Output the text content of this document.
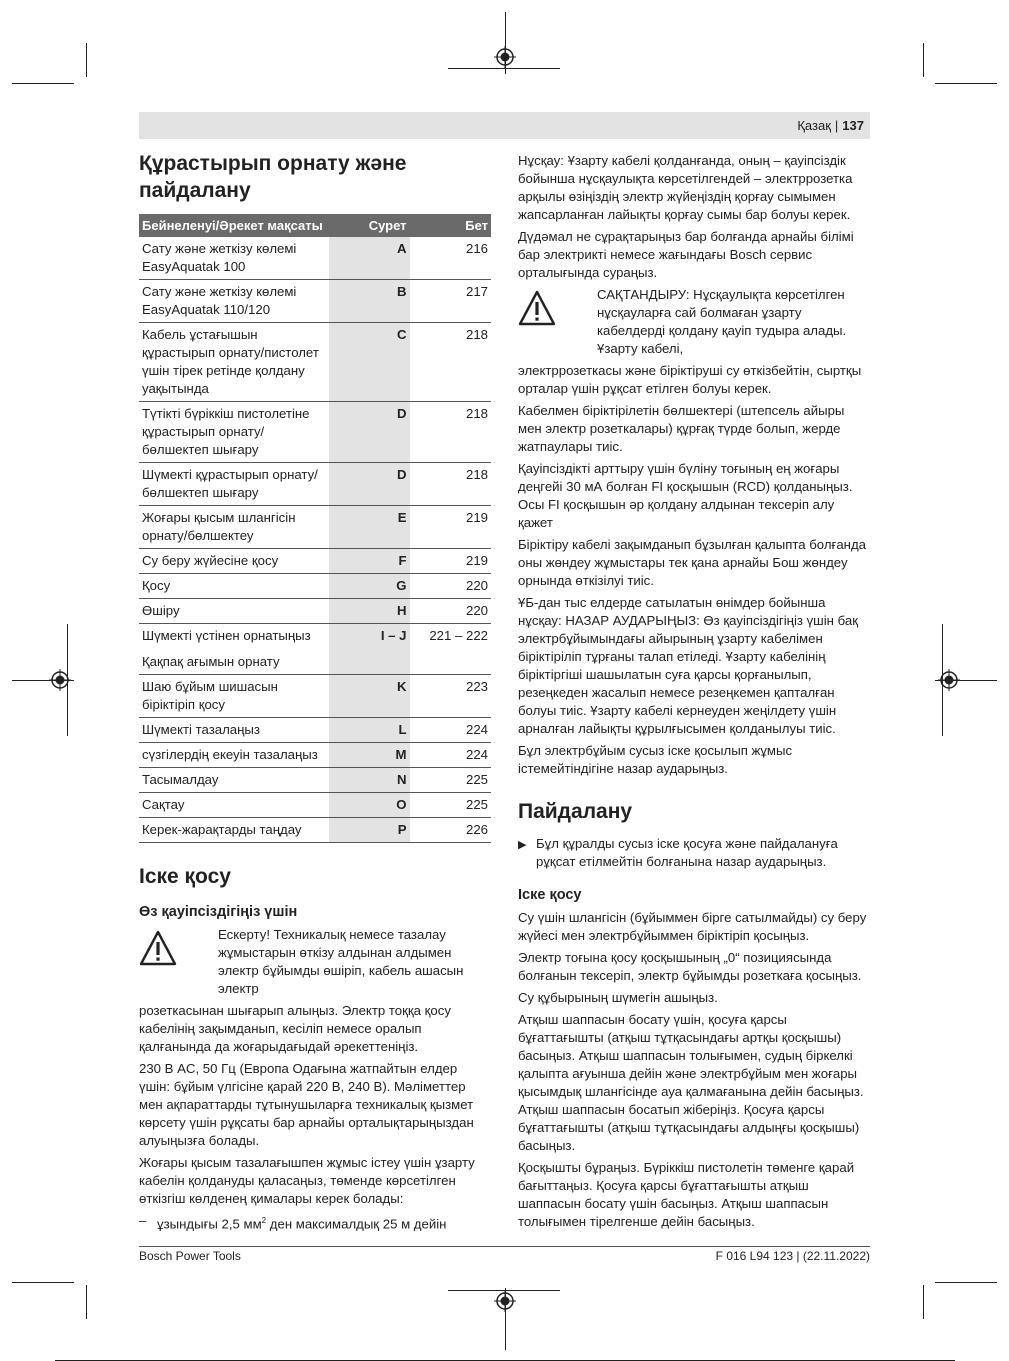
Қазақ | 137
Құрастырып орнату және пайдалану
Бейнеленуі/Әрекет мақсаты	Сурет	Бет
Сату және жеткізу көлемі EasyAquatak 100	A	216
Сату және жеткізу көлемі EasyAquatak 110/120	B	217
Кабель ұстағышын құрастырып орнату/пистолет үшін тірек ретінде қолдану уақытында	C	218
Түтікті бүріккіш пистолетіне құрастырып орнату/бөлшектеп шығару	D	218
Шүмекті құрастырып орнату/бөлшектеп шығару	D	218
Жоғары қысым шлангісін орнату/бөлшектеу	E	219
Су беру жүйесіне қосу	F	219
Қосу	G	220
Өшіру	H	220

Шүмекті үстінен орнатыңыз
Қақпақ ағымын орнату	I – J	221 – 222
Шаю бұйым шишасын біріктіріп қосу	K	223
Шүмекті тазалаңыз	L	224
сүзгілердің екеуін тазалаңыз	M	224
Тасымалдау	N	225
Сақтау	O	225
Керек-жарақтарды таңдау	P	226
Іске қосу
Өз қауіпсіздігіңіз үшін

Ескерту! Техникалық немесе тазалау жұмыстарын өткізу алдынан алдымен электр бұйымды өшіріп, кабель ашасын электр

розеткасынан шығарып алыңыз. Электр тоққа қосу кабелінің зақымданып, кесіліп немесе оралып қалғанында да жоғарыдағыдай әрекеттеніңіз.

230 В AC, 50 Гц (Европа Одағына жатпайтын елдер үшін: бұйым үлгісіне қарай 220 В, 240 В). Мәліметтер мен ақпараттарды тұтынушыларға техникалық қызмет көрсету үшін рұқсаты бар арнайы орталықтарыңыздан алуыңызға болады.

Жоғары қысым тазалағышпен жұмыс істеу үшін ұзарту кабелін қолдануды қаласаңыз, төменде көрсетілген өткізгіш көлденең қималары керек болады:

– ұзындығы 2,5 $мм^2$ ден максималдық 25 м дейін

Нұсқау: Ұзарту кабелі қолданғанда, оның – қауіпсіздік бойынша нұсқаулықта көрсетілгендей – электррозетка арқылы өзіңіздің электр жүйеңіздің қорғау сымымен жапсарланған лайықты қорғау сымы бар болуы керек.

Дүдәмал не сұрақтарыңыз бар болғанда арнайы білімі бар электрикті немесе жағындағы Bosch сервис орталығында сураңыз.

САҚТАНДЫРУ: Нұсқаулықта көрсетілген нұсқауларға сай болмаған ұзарту кабелдерді қолдану қауіп тудыра алады. Ұзарту кабелі,

электррозеткасы және біріктіруші су өткізбейтін, сыртқы орталар үшін рұқсат етілген болуы керек.

Кабелмен біріктірілетін бөлшектері (штепсель айыры мен электр розеткалары) құрғақ түрде болып, жерде жатпаулары тиіс.

Қауіпсіздікті арттыру үшін бүліну тоғының ең жоғары деңгейі 30 мА болған FI қосқышын (RCD) қолданыңыз. Осы FI қосқышын әр қолдану алдынан тексеріп алу қажет

Біріктіру кабелі зақымданып бұзылған қалыпта болғанда оны жөндеу жұмыстары тек қана арнайы Бош жөндеу орнында өткізілуі тиіс.

ҰБ-дан тыс елдерде сатылатын өнімдер бойынша нұсқау: НАЗАР АУДАРЫҢЫЗ: Өз қауіпсіздігіңіз үшін бақ электрбұйымындағы айырының ұзарту кабелімен біріктіріліп тұрғаны талап етіледі. Ұзарту кабелінің біріктіргіші шашылатын суға қарсы қорғанылып, резеңкеден жасалып немесе резеңкемен қапталған болуы тиіс. Ұзарту кабелі кернеуден жеңілдету үшін арналған лайықты құрылғысымен қолданылуы тиіс.

Бұл электрбұйым сусыз іске қосылып жұмыс істемейтіндігіне назар аударыңыз.

Пайдалану
▶ Бұл құралды сусыз іске қосуға және пайдалануға рұқсат етілмейтін болғанына назар аударыңыз.
Іске қосу

Су үшін шлангісін (бұйыммен бірге сатылмайды) су беру жүйесі мен электрбұйыммен біріктіріп қосыңыз.

Электр тоғына қосу қосқышының „0“ позициясында болғанын тексеріп, электр бұйымды розеткаға қосыңыз.

Су құбырының шүмегін ашыңыз.

Атқыш шаппасын босату үшін, қосуға қарсы бұғаттағышты (атқыш тұтқасындағы артқы қосқышы) басыңыз. Атқыш шаппасын толығымен, судың біркелкі қалыпта ағуынша дейін және электрбұйым мен жоғары қысымдық шлангісінде ауа қалмағанына дейін басыңыз. Атқыш шаппасын босатып жіберіңіз. Қосуға қарсы бұғаттағышты (атқыш тұтқасындағы алдыңғы қосқышы) басыңыз.

Қосқышты бұраңыз. Бүріккіш пистолетін төменге қарай бағыттаңыз. Қосуға қарсы бұғаттағышты атқыш шаппасын босату үшін басыңыз. Атқыш шаппасын толығымен тірелгенше дейін басыңыз.

Bosch Power Tools	F 016 L94 123 | (22.11.2022)
